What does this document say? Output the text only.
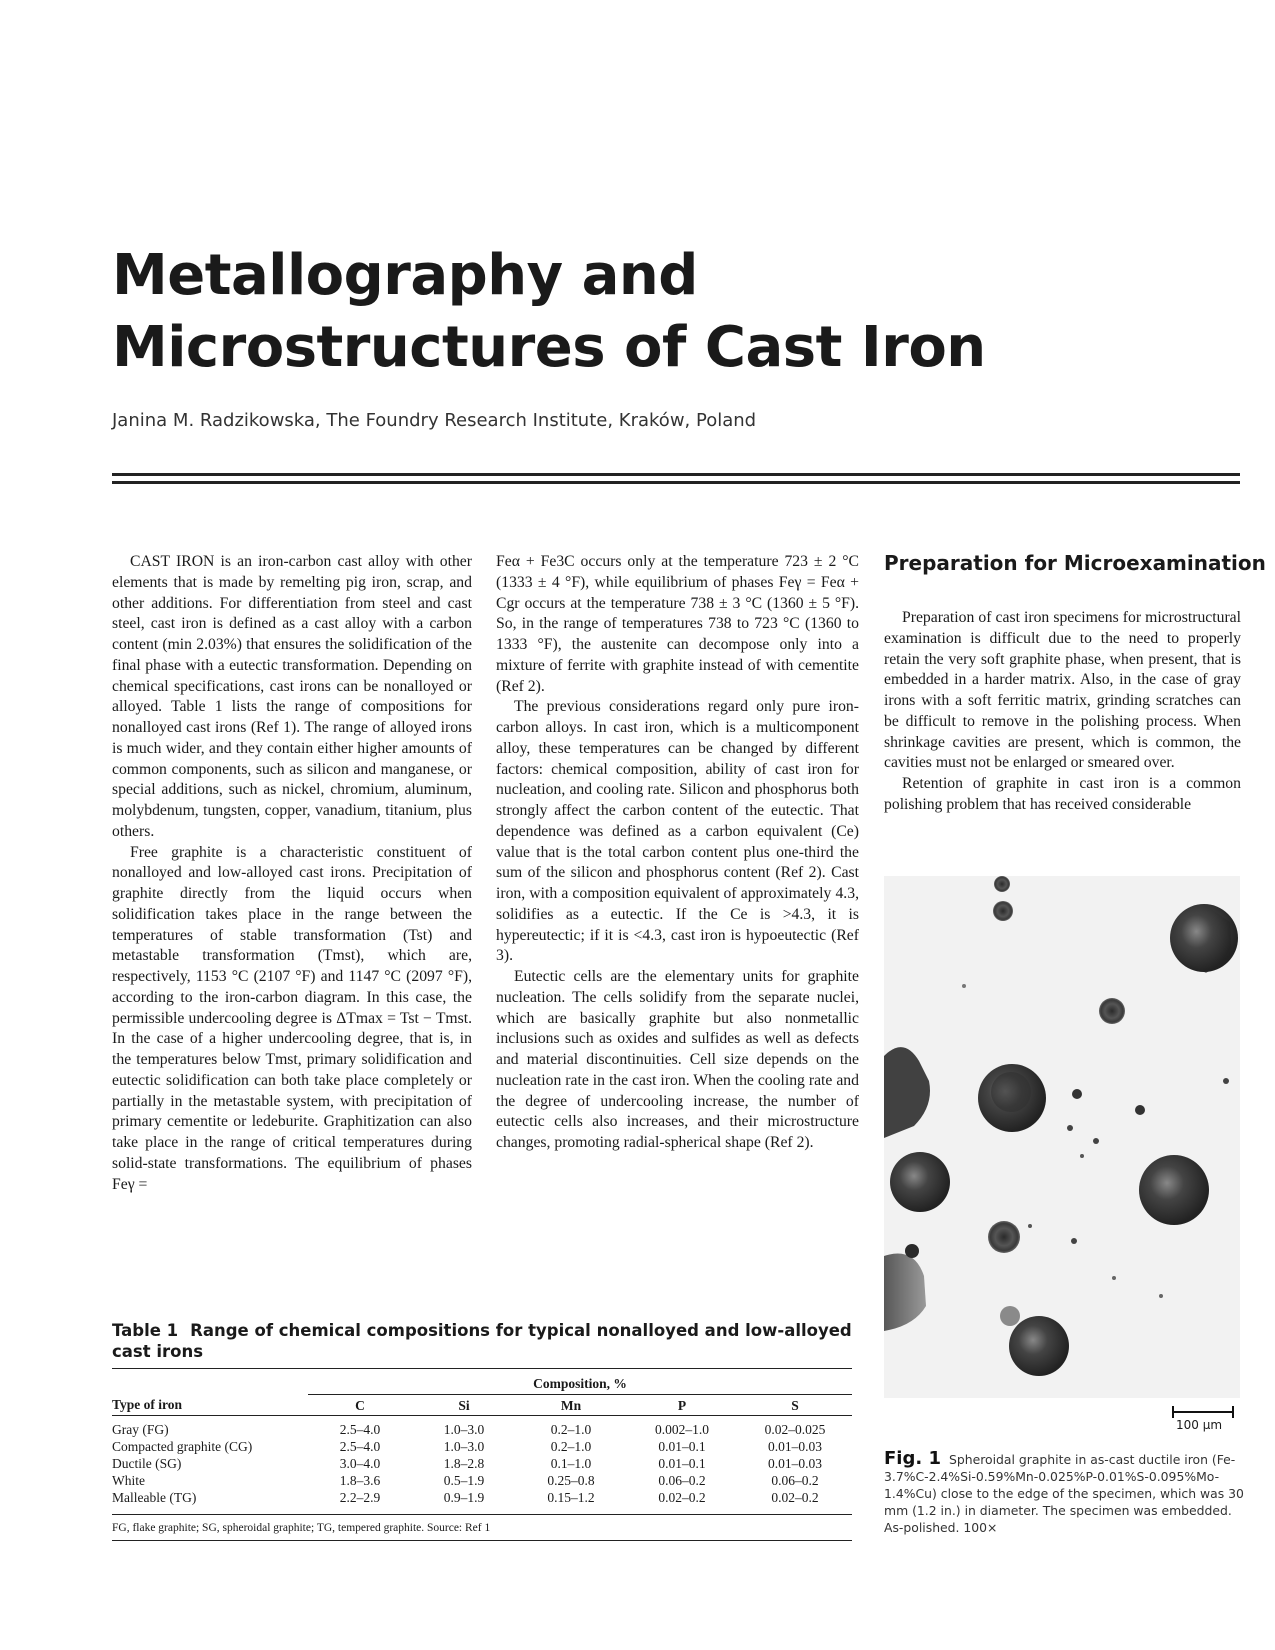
Metallography and Microstructures of Cast Iron
Janina M. Radzikowska, The Foundry Research Institute, Kraków, Poland

CAST IRON is an iron-carbon cast alloy with other elements that is made by remelting pig iron, scrap, and other additions. For differentiation from steel and cast steel, cast iron is defined as a cast alloy with a carbon content (min 2.03%) that ensures the solidification of the final phase with a eutectic transformation. Depending on chemical specifications, cast irons can be nonalloyed or alloyed. Table 1 lists the range of compositions for nonalloyed cast irons (Ref 1). The range of alloyed irons is much wider, and they contain either higher amounts of common components, such as silicon and manganese, or special additions, such as nickel, chromium, aluminum, molybdenum, tungsten, copper, vanadium, titanium, plus others.

Free graphite is a characteristic constituent of nonalloyed and low-alloyed cast irons. Precipitation of graphite directly from the liquid occurs when solidification takes place in the range between the temperatures of stable transformation (Tst) and metastable transformation (Tmst), which are, respectively, 1153 °C (2107 °F) and 1147 °C (2097 °F), according to the iron-carbon diagram. In this case, the permissible undercooling degree is ΔTmax = Tst − Tmst. In the case of a higher undercooling degree, that is, in the temperatures below Tmst, primary solidification and eutectic solidification can both take place completely or partially in the metastable system, with precipitation of primary cementite or ledeburite. Graphitization can also take place in the range of critical temperatures during solid-state transformations. The equilibrium of phases Feγ =

Feα + Fe3C occurs only at the temperature 723 ± 2 °C (1333 ± 4 °F), while equilibrium of phases Feγ = Feα + Cgr occurs at the temperature 738 ± 3 °C (1360 ± 5 °F). So, in the range of temperatures 738 to 723 °C (1360 to 1333 °F), the austenite can decompose only into a mixture of ferrite with graphite instead of with cementite (Ref 2).

The previous considerations regard only pure iron-carbon alloys. In cast iron, which is a multicomponent alloy, these temperatures can be changed by different factors: chemical composition, ability of cast iron for nucleation, and cooling rate. Silicon and phosphorus both strongly affect the carbon content of the eutectic. That dependence was defined as a carbon equivalent (Ce) value that is the total carbon content plus one-third the sum of the silicon and phosphorus content (Ref 2). Cast iron, with a composition equivalent of approximately 4.3, solidifies as a eutectic. If the Ce is >4.3, it is hypereutectic; if it is <4.3, cast iron is hypoeutectic (Ref 3).

Eutectic cells are the elementary units for graphite nucleation. The cells solidify from the separate nuclei, which are basically graphite but also nonmetallic inclusions such as oxides and sulfides as well as defects and material discontinuities. Cell size depends on the nucleation rate in the cast iron. When the cooling rate and the degree of undercooling increase, the number of eutectic cells also increases, and their microstructure changes, promoting radial-spherical shape (Ref 2).

Preparation for Microexamination

Preparation of cast iron specimens for microstructural examination is difficult due to the need to properly retain the very soft graphite phase, when present, that is embedded in a harder matrix. Also, in the case of gray irons with a soft ferritic matrix, grinding scratches can be difficult to remove in the polishing process. When shrinkage cavities are present, which is common, the cavities must not be enlarged or smeared over.

Retention of graphite in cast iron is a common polishing problem that has received considerable

100 µm
Fig. 1 Spheroidal graphite in as-cast ductile iron (Fe-3.7%C-2.4%Si-0.59%Mn-0.025%P-0.01%S-0.095%Mo-1.4%Cu) close to the edge of the specimen, which was 30 mm (1.2 in.) in diameter. The specimen was embedded. As-polished. 100×
Table 1 Range of chemical compositions for typical nonalloyed and low-alloyed cast irons
	Composition, %				
Type of iron	C	Si	Mn	P	S
Gray (FG)	2.5–4.0	1.0–3.0	0.2–1.0	0.002–1.0	0.02–0.025
Compacted graphite (CG)	2.5–4.0	1.0–3.0	0.2–1.0	0.01–0.1	0.01–0.03
Ductile (SG)	3.0–4.0	1.8–2.8	0.1–1.0	0.01–0.1	0.01–0.03
White	1.8–3.6	0.5–1.9	0.25–0.8	0.06–0.2	0.06–0.2
Malleable (TG)	2.2–2.9	0.9–1.9	0.15–1.2	0.02–0.2	0.02–0.2
FG, flake graphite; SG, spheroidal graphite; TG, tempered graphite. Source: Ref 1					
